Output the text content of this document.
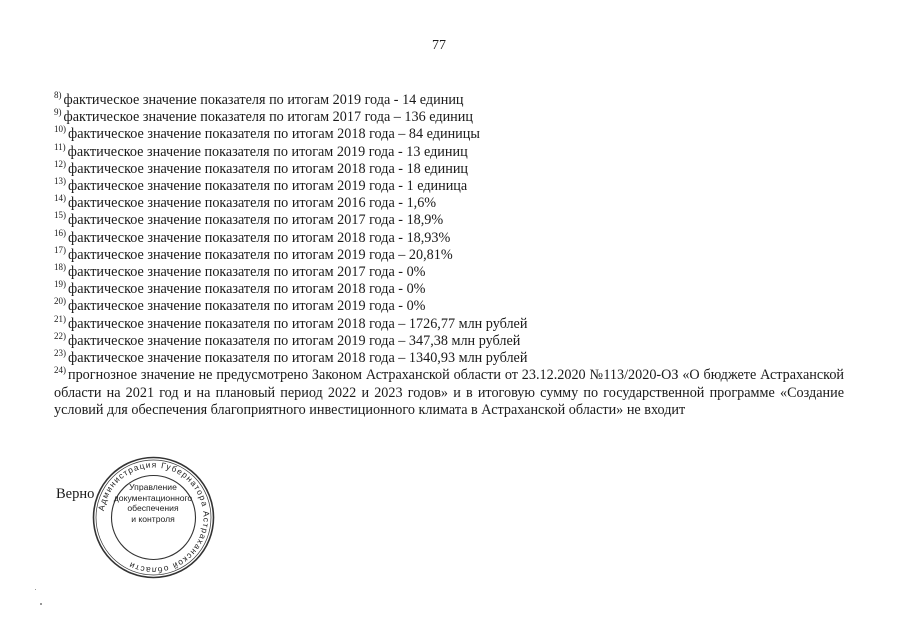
77
$^{8)}$ фактическое значение показателя по итогам 2019 года - 14 единиц
$^{9)}$ фактическое значение показателя по итогам 2017 года – 136 единиц
$^{10)}$ фактическое значение показателя по итогам 2018 года – 84 единицы
$^{11)}$ фактическое значение показателя по итогам 2019 года - 13 единиц
$^{12)}$ фактическое значение показателя по итогам 2018 года - 18 единиц
$^{13)}$ фактическое значение показателя по итогам 2019 года - 1 единица
$^{14)}$ фактическое значение показателя по итогам 2016 года - 1,6%
$^{15)}$ фактическое значение показателя по итогам 2017 года - 18,9%
$^{16)}$ фактическое значение показателя по итогам 2018 года - 18,93%
$^{17)}$ фактическое значение показателя по итогам 2019 года – 20,81%
$^{18)}$ фактическое значение показателя по итогам 2017 года - 0%
$^{19)}$ фактическое значение показателя по итогам 2018 года - 0%
$^{20)}$ фактическое значение показателя по итогам 2019 года - 0%
$^{21)}$ фактическое значение показателя по итогам 2018 года – 1726,77 млн рублей
$^{22)}$ фактическое значение показателя по итогам 2019 года – 347,38 млн рублей
$^{23)}$ фактическое значение показателя по итогам 2018 года – 1340,93 млн рублей
$^{24)}$ прогнозное значение не предусмотрено Законом Астраханской области от 23.12.2020 №113/2020-ОЗ «О бюджете Астраханской области на 2021 год и на плановый период 2022 и 2023 годов» и в итоговую сумму по государственной программе «Создание условий для обеспечения благоприятного инвестиционного климата в Астраханской области» не входит
Верно
Администрация Губернатора Астраханской области
Управление
документационного
обеспечения
и контроля
